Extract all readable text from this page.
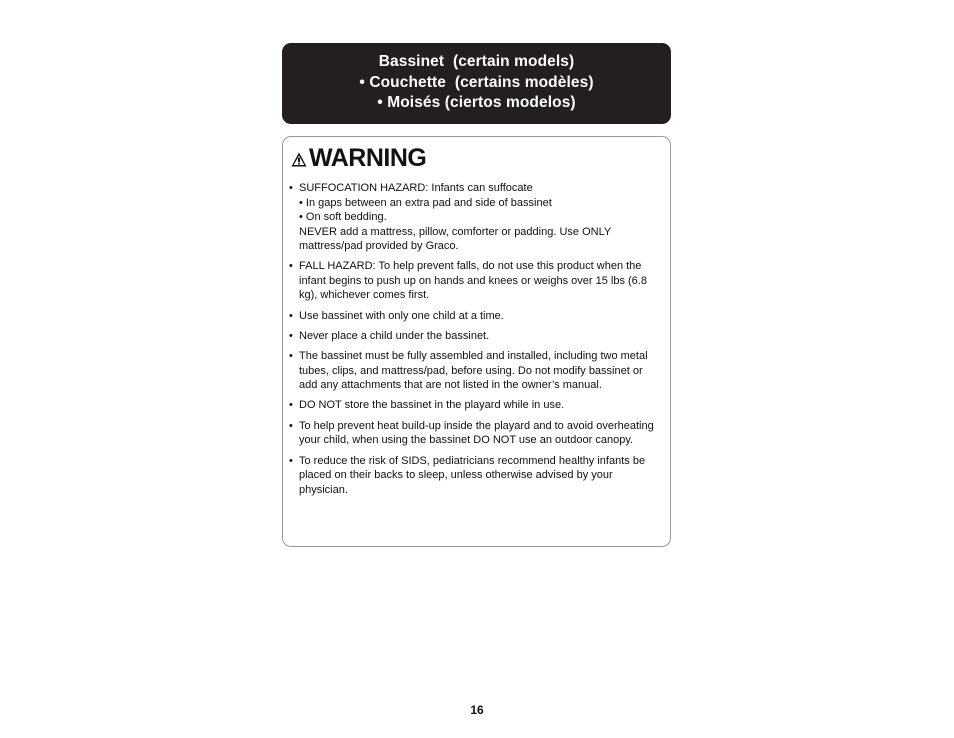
Bassinet  (certain models)
• Couchette  (certains modèles)
• Moisés (ciertos modelos)
WARNING
• SUFFOCATION HAZARD: Infants can suffocate
• In gaps between an extra pad and side of bassinet
• On soft bedding.
NEVER add a mattress, pillow, comforter or padding. Use ONLY mattress/pad provided by Graco.
• FALL HAZARD: To help prevent falls, do not use this product when the infant begins to push up on hands and knees or weighs over 15 lbs (6.8 kg), whichever comes first.
• Use bassinet with only one child at a time.
• Never place a child under the bassinet.
• The bassinet must be fully assembled and installed, including two metal tubes, clips, and mattress/pad, before using. Do not modify bassinet or add any attachments that are not listed in the owner’s manual.
• DO NOT store the bassinet in the playard while in use.
• To help prevent heat build-up inside the playard and to avoid overheating your child, when using the bassinet DO NOT use an outdoor canopy.
• To reduce the risk of SIDS, pediatricians recommend healthy infants be placed on their backs to sleep, unless otherwise advised by your physician.
16
